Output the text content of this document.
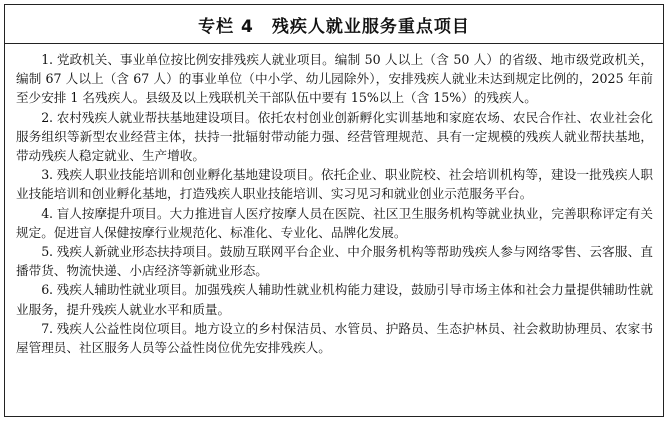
专栏 4　残疾人就业服务重点项目

1. 党政机关、事业单位按比例安排残疾人就业项目。编制 50 人以上（含 50 人）的省级、地市级党政机关，编制 67 人以上（含 67 人）的事业单位（中小学、幼儿园除外），安排残疾人就业未达到规定比例的，2025 年前至少安排 1 名残疾人。县级及以上残联机关干部队伍中要有 15%以上（含 15%）的残疾人。

2. 农村残疾人就业帮扶基地建设项目。依托农村创业创新孵化实训基地和家庭农场、农民合作社、农业社会化服务组织等新型农业经营主体，扶持一批辐射带动能力强、经营管理规范、具有一定规模的残疾人就业帮扶基地，带动残疾人稳定就业、生产增收。

3. 残疾人职业技能培训和创业孵化基地建设项目。依托企业、职业院校、社会培训机构等，建设一批残疾人职业技能培训和创业孵化基地，打造残疾人职业技能培训、实习见习和就业创业示范服务平台。

4. 盲人按摩提升项目。大力推进盲人医疗按摩人员在医院、社区卫生服务机构等就业执业，完善职称评定有关规定。促进盲人保健按摩行业规范化、标准化、专业化、品牌化发展。

5. 残疾人新就业形态扶持项目。鼓励互联网平台企业、中介服务机构等帮助残疾人参与网络零售、云客服、直播带货、物流快递、小店经济等新就业形态。

6. 残疾人辅助性就业项目。加强残疾人辅助性就业机构能力建设，鼓励引导市场主体和社会力量提供辅助性就业服务，提升残疾人就业水平和质量。

7. 残疾人公益性岗位项目。地方设立的乡村保洁员、水管员、护路员、生态护林员、社会救助协理员、农家书屋管理员、社区服务人员等公益性岗位优先安排残疾人。
